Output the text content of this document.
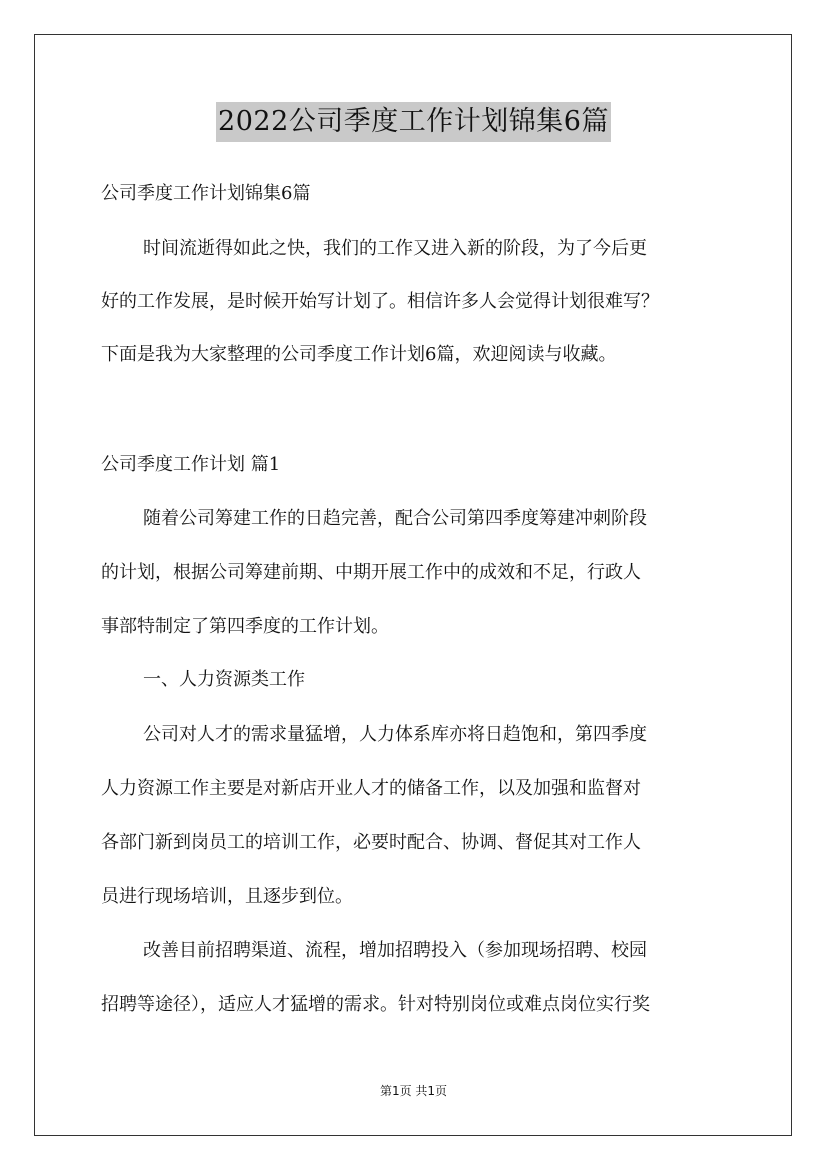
2022公司季度工作计划锦集6篇

公司季度工作计划锦集6篇

时间流逝得如此之快，我们的工作又进入新的阶段，为了今后更

好的工作发展，是时候开始写计划了。相信许多人会觉得计划很难写？

下面是我为大家整理的公司季度工作计划6篇，欢迎阅读与收藏。

公司季度工作计划 篇1

随着公司筹建工作的日趋完善，配合公司第四季度筹建冲刺阶段

的计划，根据公司筹建前期、中期开展工作中的成效和不足，行政人

事部特制定了第四季度的工作计划。

一、人力资源类工作

公司对人才的需求量猛增，人力体系库亦将日趋饱和，第四季度

人力资源工作主要是对新店开业人才的储备工作，以及加强和监督对

各部门新到岗员工的培训工作，必要时配合、协调、督促其对工作人

员进行现场培训，且逐步到位。

改善目前招聘渠道、流程，增加招聘投入（参加现场招聘、校园

招聘等途径），适应人才猛增的需求。针对特别岗位或难点岗位实行奖

第1页 共1页
